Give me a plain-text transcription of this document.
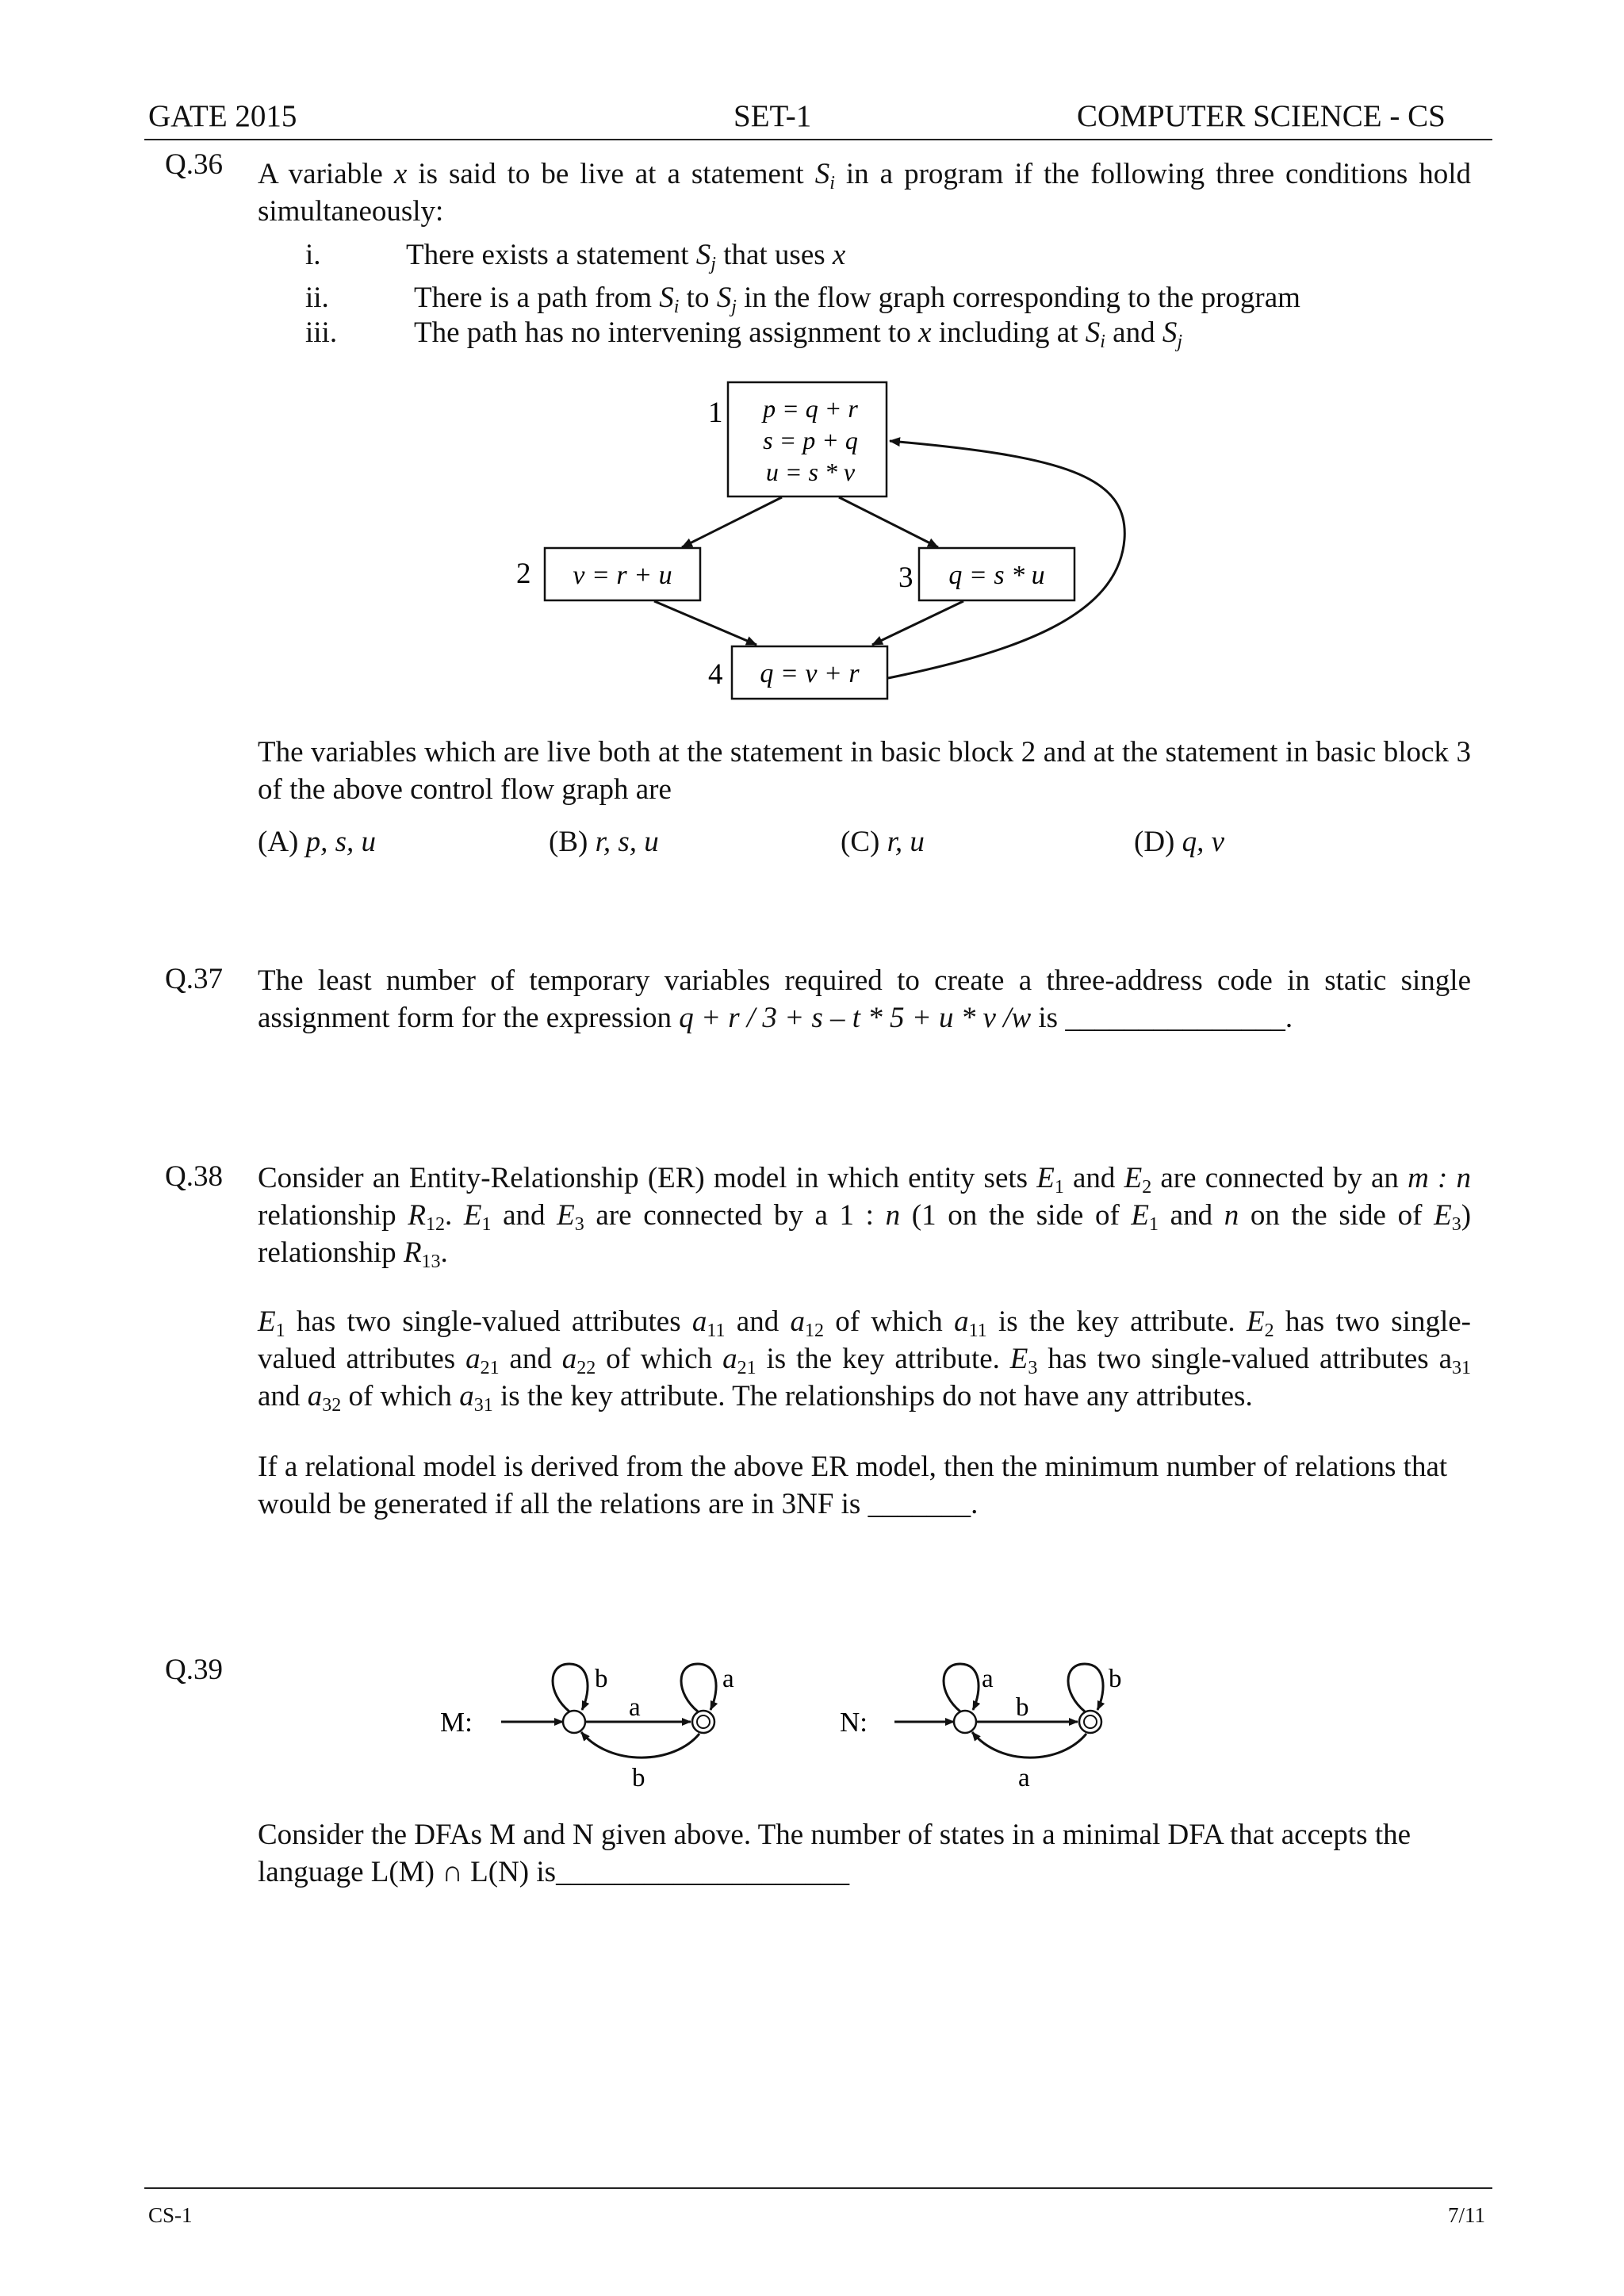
GATE 2015	SET-1	COMPUTER SCIENCE - CS
Q.36 A variable x is said to be live at a statement $S_i$ in a program if the following three conditions hold simultaneously:
i.	There exists a statement $S_j$ that uses x
ii.	There is a path from $S_i$ to $S_j$ in the flow graph corresponding to the program
iii.	The path has no intervening assignment to x including at $S_i$ and $S_j$
1
2	3
4
p = q + r
s = p + q
u = s * v
v = r + u	q = s * u
q = v + r
M:
b
a
a
b
N:
a
b
b
a
The variables which are live both at the statement in basic block 2 and at the statement in basic block 3 of the above control flow graph are
(A) p, s, u	(B) r, s, u	(C) r, u	(D) q, v
Q.37 The least number of temporary variables required to create a three-address code in static single assignment form for the expression q + r / 3 + s – t * 5 + u * v /w is _______________.
Q.38 Consider an Entity-Relationship (ER) model in which entity sets $E_1$ and $E_2$ are connected by an m : n relationship $R_{12}$. $E_1$ and $E_3$ are connected by a 1 : n (1 on the side of $E_1$ and n on the side of $E_3$) relationship $R_{13}$.
$E_1$ has two single-valued attributes $a_{11}$ and $a_{12}$ of which $a_{11}$ is the key attribute. $E_2$ has two single-valued attributes $a_{21}$ and $a_{22}$ of which $a_{21}$ is the key attribute. $E_3$ has two single-valued attributes $a_{31}$ and $a_{32}$ of which $a_{31}$ is the key attribute. The relationships do not have any attributes.
If a relational model is derived from the above ER model, then the minimum number of relations that would be generated if all the relations are in 3NF is _______.
Q.39
Consider the DFAs M and N given above. The number of states in a minimal DFA that accepts the language L(M) ∩ L(N) is____________________
CS-1	7/11
